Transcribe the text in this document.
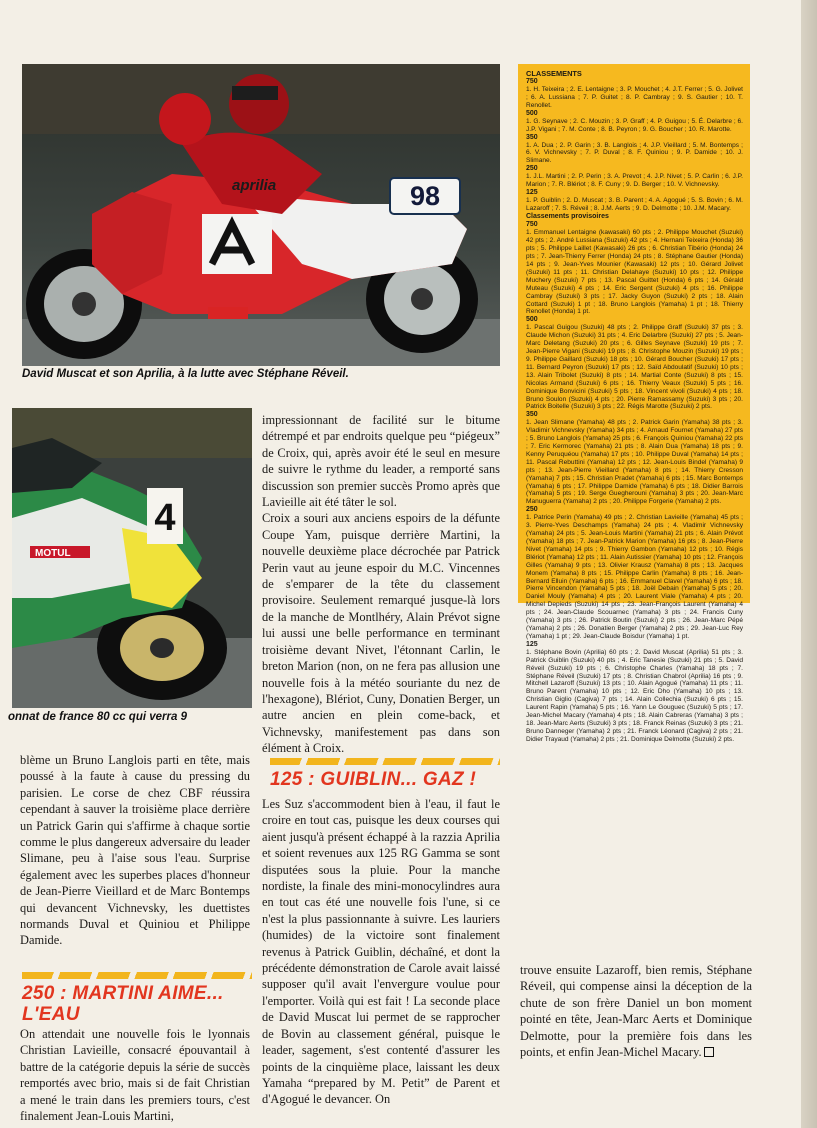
98
aprilia
David Muscat et son Aprilia, à la lutte avec Stéphane Réveil.
MOTUL
4
onnat de france 80 cc qui verra 9

impressionnant de facilité sur le bitume détrempé et par endroits quelque peu “piégeux” de Croix, qui, après avoir été le seul en mesure de suivre le rythme du leader, a remporté sans discussion son premier succès Promo après que Lavieille ait été tâter le sol.

Croix a souri aux anciens espoirs de la défunte Coupe Yam, puisque derrière Martini, la nouvelle deuxième place décrochée par Patrick Perin vaut au jeune espoir du M.C. Vincennes de s'emparer de la tête du classement provisoire. Seulement remarqué jusque-là lors de la manche de Montlhéry, Alain Prévot signe lui aussi une belle performance en terminant troisième devant Nivet, l'étonnant Carlin, le breton Marion (non, on ne fera pas allusion une nouvelle fois à la météo souriante du nez de l'hexagone), Blériot, Cuny, Donatien Berger, un autre ancien en plein come-back, et Vichnevsky, manifestement pas dans son élément à Croix.

125 : GUIBLIN... GAZ !

blème un Bruno Langlois parti en tête, mais poussé à la faute à cause du pressing du parisien. Le corse de chez CBF réussira cependant à sauver la troisième place derrière un Patrick Garin qui s'affirme à chaque sortie comme le plus dangereux adversaire du leader Slimane, peu à l'aise sous l'eau. Surprise également avec les superbes places d'honneur de Jean-Pierre Vieillard et de Marc Bontemps qui devancent Vichnevsky, les duettistes normands Duval et Quiniou et Philippe Damide.

250 : MARTINI AIME... L'EAU

On attendait une nouvelle fois le lyonnais Christian Lavieille, consacré épouvantail à battre de la catégorie depuis la série de succès remportés avec brio, mais si de fait Christian a mené le train dans les premiers tours, c'est finalement Jean-Louis Martini,

Les Suz s'accommodent bien à l'eau, il faut le croire en tout cas, puisque les deux courses qui aient jusqu'à présent échappé à la razzia Aprilia et soient revenues aux 125 RG Gamma se sont disputées sous la pluie. Pour la manche nordiste, la finale des mini-monocylindres aura en tout cas été une nouvelle fois l'une, si ce n'est la plus passionnante à suivre. Les lauriers (humides) de la victoire sont finalement revenus à Patrick Guiblin, déchaîné, et dont la précédente démonstration de Carole avait laissé supposer qu'il avait l'envergure voulue pour l'emporter. Voilà qui est fait ! La seconde place de David Muscat lui permet de se rapprocher de Bovin au classement général, puisque le leader, sagement, s'est contenté d'assurer les points de la cinquième place, laissant les deux Yamaha “prepared by M. Petit” de Parent et d'Agogué le devancer. On

trouve ensuite Lazaroff, bien remis, Stéphane Réveil, qui compense ainsi la déception de la chute de son frère Daniel un bon moment pointé en tête, Jean-Marc Aerts et Dominique Delmotte, pour la première fois dans les points, et enfin Jean-Michel Macary.

CLASSEMENTS
750

1. H. Teixeira ; 2. E. Lentaigne ; 3. P. Mouchet ; 4. J.T. Ferrer ; 5. G. Jolivet ; 6. A. Lussiana ; 7. P. Guitet ; 8. P. Cambray ; 9. S. Gautier ; 10. T. Renollet.

500

1. G. Seynave ; 2. C. Mouzin ; 3. P. Graff ; 4. P. Guigou ; 5. É. Delarbre ; 6. J.P. Vigani ; 7. M. Conte ; 8. B. Peyron ; 9. G. Boucher ; 10. R. Marotte.

350

1. A. Dua ; 2. P. Garin ; 3. B. Langlois ; 4. J.P. Vieillard ; 5. M. Bontemps ; 6. V. Vichnevsky ; 7. P. Duval ; 8. F. Quiniou ; 9. P. Damide ; 10. J. Slimane.

250

1. J.L. Martini ; 2. P. Perin ; 3. A. Prevot ; 4. J.P. Nivet ; 5. P. Carlin ; 6. J.P. Marion ; 7. R. Blériot ; 8. F. Cuny ; 9. D. Berger ; 10. V. Vichnevsky.

125

1. P. Guiblin ; 2. D. Muscat ; 3. B. Parent ; 4. A. Agogué ; 5. S. Bovin ; 6. M. Lazaroff ; 7. S. Réveil ; 8. J.M. Aerts ; 9. D. Delmotte ; 10. J.M. Macary.

Classements provisoires
750

1. Emmanuel Lentaigne (kawasaki) 60 pts ; 2. Philippe Mouchet (Suzuki) 42 pts ; 2. André Lussiana (Suzuki) 42 pts ; 4. Hernani Teixeira (Honda) 36 pts ; 5. Philippe Laillet (Kawasaki) 26 pts ; 6. Christian Tibério (Honda) 24 pts ; 7. Jean-Thierry Ferrer (Honda) 24 pts ; 8. Stéphane Gautier (Honda) 14 pts ; 9. Jean-Yves Mounier (Kawasaki) 12 pts ; 10. Gérard Jolivet (Suzuki) 11 pts ; 11. Christian Delahaye (Suzuki) 10 pts ; 12. Philippe Muchery (Suzuki) 7 pts ; 13. Pascal Guittet (Honda) 6 pts ; 14. Gérald Muteau (Suzuki) 4 pts ; 14. Eric Sergent (Suzuki) 4 pts ; 16. Philippe Cambray (Suzuki) 3 pts ; 17. Jacky Guyon (Suzuki) 2 pts ; 18. Alain Cottard (Suzuki) 1 pt ; 18. Bruno Langlois (Yamaha) 1 pt ; 18. Thierry Renollet (Honda) 1 pt.

500

1. Pascal Guigou (Suzuki) 48 pts ; 2. Philippe Graff (Suzuki) 37 pts ; 3. Claude Michon (Suzuki) 31 pts ; 4. Eric Delarbre (Suzuki) 27 pts ; 5. Jean-Marc Deletang (Suzuki) 20 pts ; 6. Gilles Seynave (Suzuki) 19 pts ; 7. Jean-Pierre Vigani (Suzuki) 19 pts ; 8. Christophe Mouzin (Suzuki) 19 pts ; 9. Philippe Gaillard (Suzuki) 18 pts ; 10. Gérard Boucher (Suzuki) 17 pts ; 11. Bernard Peyron (Suzuki) 17 pts ; 12. Saïd Abdoulatif (Suzuki) 10 pts ; 13. Alain Tribolet (Suzuki) 8 pts ; 14. Martial Conte (Suzuki) 8 pts ; 15. Nicolas Armand (Suzuki) 6 pts ; 16. Thierry Veaux (Suzuki) 5 pts ; 16. Dominique Bonvicini (Suzuki) 5 pts ; 18. Vincent vivoli (Suzuki) 4 pts ; 18. Bruno Soulon (Suzuki) 4 pts ; 20. Pierre Ramassamy (Suzuki) 3 pts ; 20. Patrick Boitelle (Suzuki) 3 pts ; 22. Régis Marotte (Suzuki) 2 pts.

350

1. Jean Slimane (Yamaha) 48 pts ; 2. Patrick Garin (Yamaha) 38 pts ; 3. Vladimir Vichnevsky (Yamaha) 34 pts ; 4. Arnaud Fournet (Yamaha) 27 pts ; 5. Bruno Langlois (Yamaha) 25 pts ; 6. François Quiniou (Yamaha) 22 pts ; 7. Eric Kermorec (Yamaha) 21 pts ; 8. Alain Dua (Yamaha) 18 pts ; 9. Kenny Peruquéou (Yamaha) 17 pts ; 10. Philippe Duval (Yamaha) 14 pts ; 11. Pascal Rebuttini (Yamaha) 12 pts ; 12. Jean-Louis Bindel (Yamaha) 9 pts ; 13. Jean-Pierre Vieillard (Yamaha) 8 pts ; 14. Thierry Cresson (Yamaha) 7 pts ; 15. Christian Pradet (Yamaha) 6 pts ; 15. Marc Bontemps (Yamaha) 6 pts ; 17. Philippe Damide (Yamaha) 6 pts ; 18. Didier Barrois (Yamaha) 5 pts ; 19. Serge Guegherouni (Yamaha) 3 pts ; 20. Jean-Marc Manuguerra (Yamaha) 2 pts ; 20. Philippe Forgerie (Yamaha) 2 pts.

250

1. Patrice Perin (Yamaha) 49 pts ; 2. Christian Lavieille (Yamaha) 45 pts ; 3. Pierre-Yves Deschamps (Yamaha) 24 pts ; 4. Vladimir Vichnevsky (Yamaha) 24 pts ; 5. Jean-Louis Martini (Yamaha) 21 pts ; 6. Alain Prévot (Yamaha) 18 pts ; 7. Jean-Patrick Marion (Yamaha) 16 pts ; 8. Jean-Pierre Nivet (Yamaha) 14 pts ; 9. Thierry Gambon (Yamaha) 12 pts ; 10. Régis Blériot (Yamaha) 12 pts ; 11. Alain Autissier (Yamaha) 10 pts ; 12. François Gilles (Yamaha) 9 pts ; 13. Olivier Krausz (Yamaha) 8 pts ; 13. Jacques Monem (Yamaha) 8 pts ; 15. Philippe Carlin (Yamaha) 8 pts ; 16. Jean-Bernard Elluin (Yamaha) 6 pts ; 16. Emmanuel Clavel (Yamaha) 6 pts ; 18. Pierre Vincendon (Yamaha) 5 pts ; 18. Joël Debain (Yamaha) 5 pts ; 20. Daniel Mouly (Yamaha) 4 pts ; 20. Laurent Viale (Yamaha) 4 pts ; 20. Michel Depieds (Suzuki) 14 pts ; 23. Jean-François Laurent (Yamaha) 4 pts ; 24. Jean-Claude Scouarnec (Yamaha) 3 pts ; 24. Francis Cuny (Yamaha) 3 pts ; 26. Patrick Boutin (Suzuki) 2 pts ; 26. Jean-Marc Pépé (Yamaha) 2 pts ; 26. Donatien Berger (Yamaha) 2 pts ; 29. Jean-Luc Rey (Yamaha) 1 pt ; 29. Jean-Claude Boisdur (Yamaha) 1 pt.

125

1. Stéphane Bovin (Aprilia) 60 pts ; 2. David Muscat (Aprilia) 51 pts ; 3. Patrick Guiblin (Suzuki) 40 pts ; 4. Eric Tanesie (Suzuki) 21 pts ; 5. David Réveil (Suzuki) 19 pts ; 6. Christophe Charles (Yamaha) 18 pts ; 7. Stéphane Réveil (Suzuki) 17 pts ; 8. Christian Chabrol (Aprilia) 16 pts ; 9. Mitchell Lazaroff (Suzuki) 13 pts ; 10. Alain Agogué (Yamaha) 11 pts ; 11. Bruno Parent (Yamaha) 10 pts ; 12. Eric Dho (Yamaha) 10 pts ; 13. Christian Giglio (Cagiva) 7 pts ; 14. Alain Collechia (Suzuki) 6 pts ; 15. Laurent Rapin (Yamaha) 5 pts ; 16. Yann Le Gouguec (Suzuki) 5 pts ; 17. Jean-Michel Macary (Yamaha) 4 pts ; 18. Alain Cabreras (Yamaha) 3 pts ; 18. Jean-Marc Aerts (Suzuki) 3 pts ; 18. Franck Reinas (Suzuki) 3 pts ; 21. Bruno Danneger (Yamaha) 2 pts ; 21. Franck Léonard (Cagiva) 2 pts ; 21. Didier Trayaud (Yamaha) 2 pts ; 21. Dominique Delmotte (Suzuki) 2 pts.
